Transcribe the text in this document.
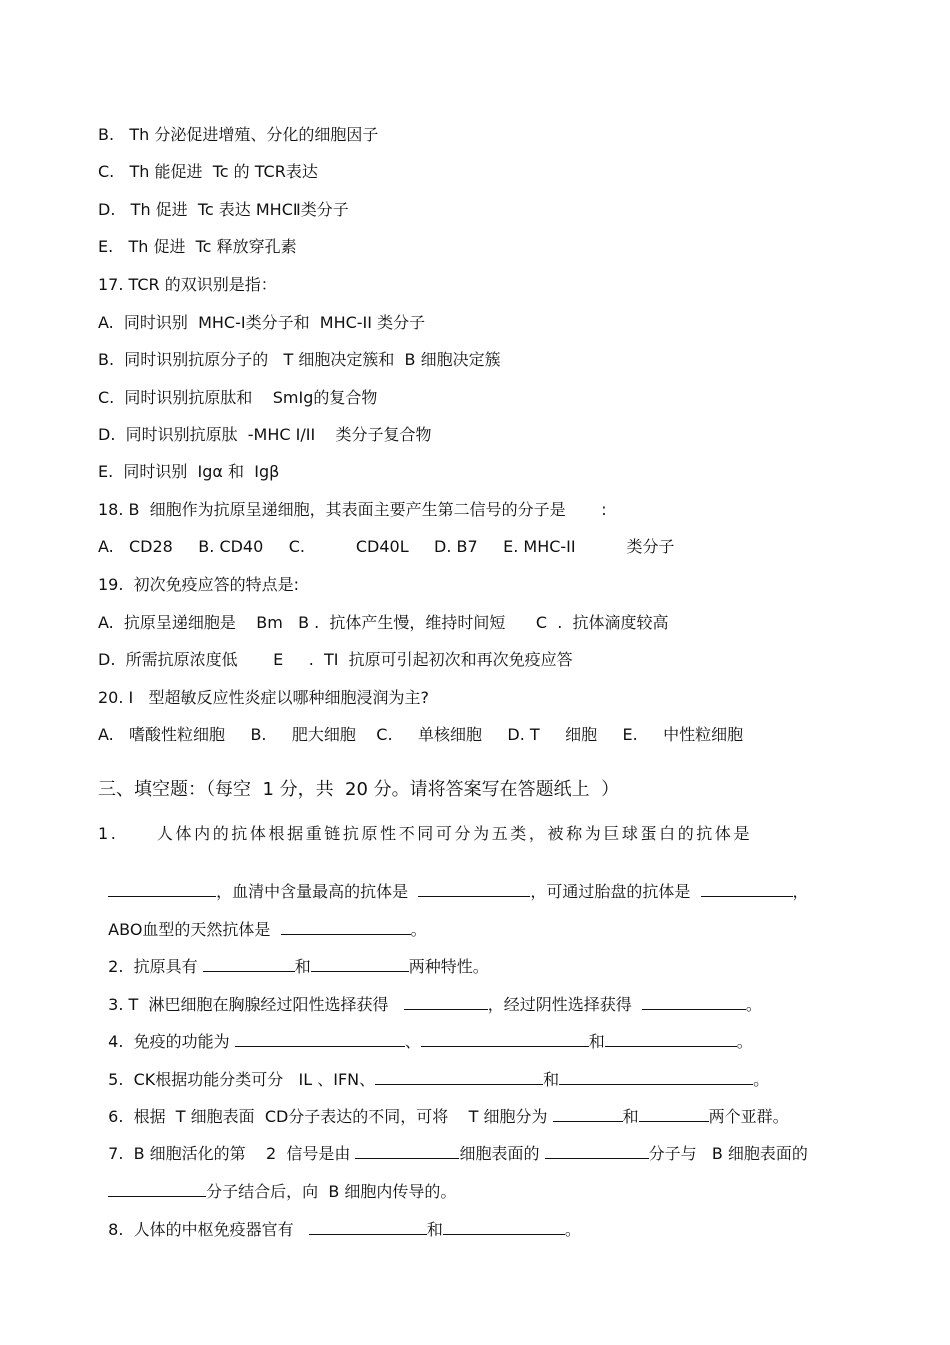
B.   Th 分泌促进增殖、分化的细胞因子
C.   Th 能促进  Tc 的 TCR表达
D.   Th 促进  Tc 表达 MHCⅡ类分子
E.   Th 促进  Tc 释放穿孔素
17. TCR 的双识别是指：
A.  同时识别  MHC-I类分子和  MHC-II 类分子
B.  同时识别抗原分子的   T 细胞决定簇和  B 细胞决定簇
C.  同时识别抗原肽和    SmIg的复合物
D.  同时识别抗原肽  -MHC I/II    类分子复合物
E.  同时识别  Igα 和  Igβ
18. B  细胞作为抗原呈递细胞，其表面主要产生第二信号的分子是       :
A.   CD28     B. CD40     C.          CD40L     D. B7     E. MHC-II          类分子
19.  初次免疫应答的特点是:
A.  抗原呈递细胞是    Bm   B .  抗体产生慢，维持时间短      C  .  抗体滴度较高
D.  所需抗原浓度低       E     .  TI  抗原可引起初次和再次免疫应答
20. I   型超敏反应性炎症以哪种细胞浸润为主?
A.   嗜酸性粒细胞     B.     肥大细胞    C.     单核细胞     D. T     细胞     E.     中性粒细胞
三、填空题：（每空  1 分，共  20 分。请将答案写在答题纸上  ）
1.     人体内的抗体根据重链抗原性不同可分为五类，被称为巨球蛋白的抗体是

，血清中含量最高的抗体是	，可通过胎盘的抗体是	，

ABO血型的天然抗体是	。

2.  抗原具有	和	两种特性。

3. T  淋巴细胞在胸腺经过阳性选择获得	，经过阴性选择获得	。

4.  免疫的功能为	、	和	。

5.  CK根据功能分类可分   IL 、IFN、	和	。

6.  根据  T 细胞表面  CD分子表达的不同，可将    T 细胞分为	和	两个亚群。

7.  B 细胞活化的第    2  信号是由	细胞表面的	分子与   B 细胞表面的

分子结合后，向  B 细胞内传导的。

8.  人体的中枢免疫器官有	和	。
